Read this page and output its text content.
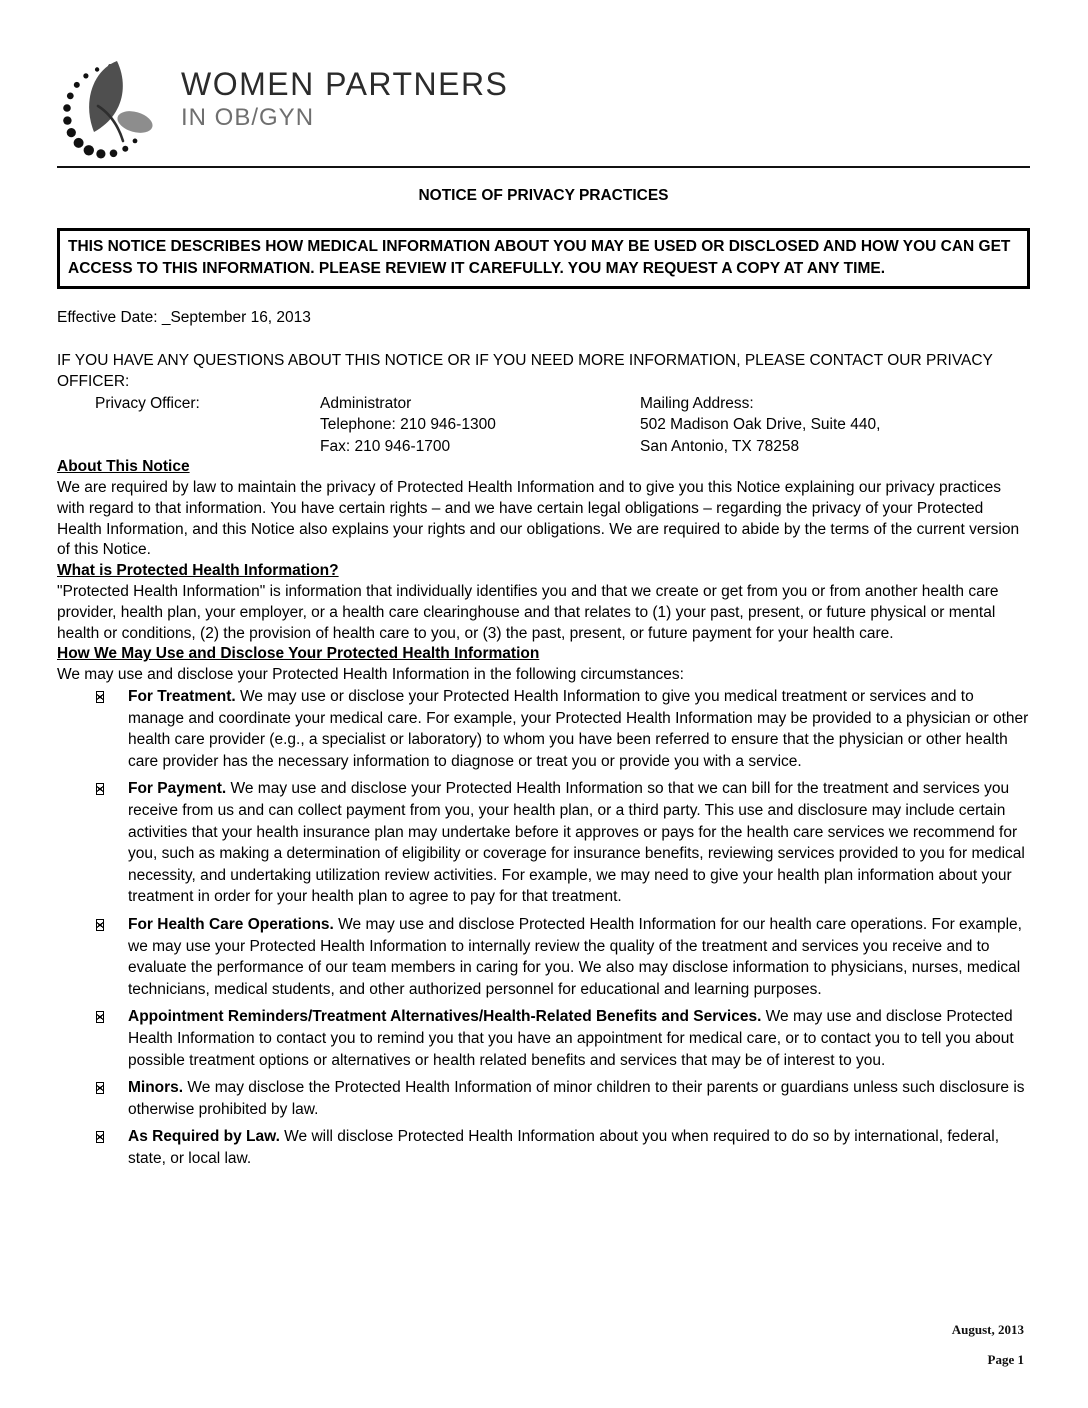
WOMEN PARTNERS
IN OB/GYN
NOTICE OF PRIVACY PRACTICES
THIS NOTICE DESCRIBES HOW MEDICAL INFORMATION ABOUT YOU MAY BE USED OR DISCLOSED AND HOW YOU CAN GET ACCESS TO THIS INFORMATION. PLEASE REVIEW IT CAREFULLY. YOU MAY REQUEST A COPY AT ANY TIME.

Effective Date: _September 16, 2013

IF YOU HAVE ANY QUESTIONS ABOUT THIS NOTICE OR IF YOU NEED MORE INFORMATION, PLEASE CONTACT OUR PRIVACY OFFICER:

Privacy Officer:	Administrator
Telephone: 210 946-1300
Fax: 210 946-1700
Mailing Address:
502 Madison Oak Drive, Suite 440,
San Antonio, TX 78258
About This Notice

We are required by law to maintain the privacy of Protected Health Information and to give you this Notice explaining our privacy practices with regard to that information. You have certain rights – and we have certain legal obligations – regarding the privacy of your Protected Health Information, and this Notice also explains your rights and our obligations. We are required to abide by the terms of the current version of this Notice.

What is Protected Health Information?

"Protected Health Information" is information that individually identifies you and that we create or get from you or from another health care provider, health plan, your employer, or a health care clearinghouse and that relates to (1) your past, present, or future physical or mental health or conditions, (2) the provision of health care to you, or (3) the past, present, or future payment for your health care.

How We May Use and Disclose Your Protected Health Information

We may use and disclose your Protected Health Information in the following circumstances:

For Treatment. We may use or disclose your Protected Health Information to give you medical treatment or services and to manage and coordinate your medical care. For example, your Protected Health Information may be provided to a physician or other health care provider (e.g., a specialist or laboratory) to whom you have been referred to ensure that the physician or other health care provider has the necessary information to diagnose or treat you or provide you with a service.
For Payment. We may use and disclose your Protected Health Information so that we can bill for the treatment and services you receive from us and can collect payment from you, your health plan, or a third party. This use and disclosure may include certain activities that your health insurance plan may undertake before it approves or pays for the health care services we recommend for you, such as making a determination of eligibility or coverage for insurance benefits, reviewing services provided to you for medical necessity, and undertaking utilization review activities. For example, we may need to give your health plan information about your treatment in order for your health plan to agree to pay for that treatment.
For Health Care Operations. We may use and disclose Protected Health Information for our health care operations. For example, we may use your Protected Health Information to internally review the quality of the treatment and services you receive and to evaluate the performance of our team members in caring for you. We also may disclose information to physicians, nurses, medical technicians, medical students, and other authorized personnel for educational and learning purposes.
Appointment Reminders/Treatment Alternatives/Health-Related Benefits and Services. We may use and disclose Protected Health Information to contact you to remind you that you have an appointment for medical care, or to contact you to tell you about possible treatment options or alternatives or health related benefits and services that may be of interest to you.
Minors. We may disclose the Protected Health Information of minor children to their parents or guardians unless such disclosure is otherwise prohibited by law.
As Required by Law. We will disclose Protected Health Information about you when required to do so by international, federal, state, or local law.
August, 2013
Page 1
